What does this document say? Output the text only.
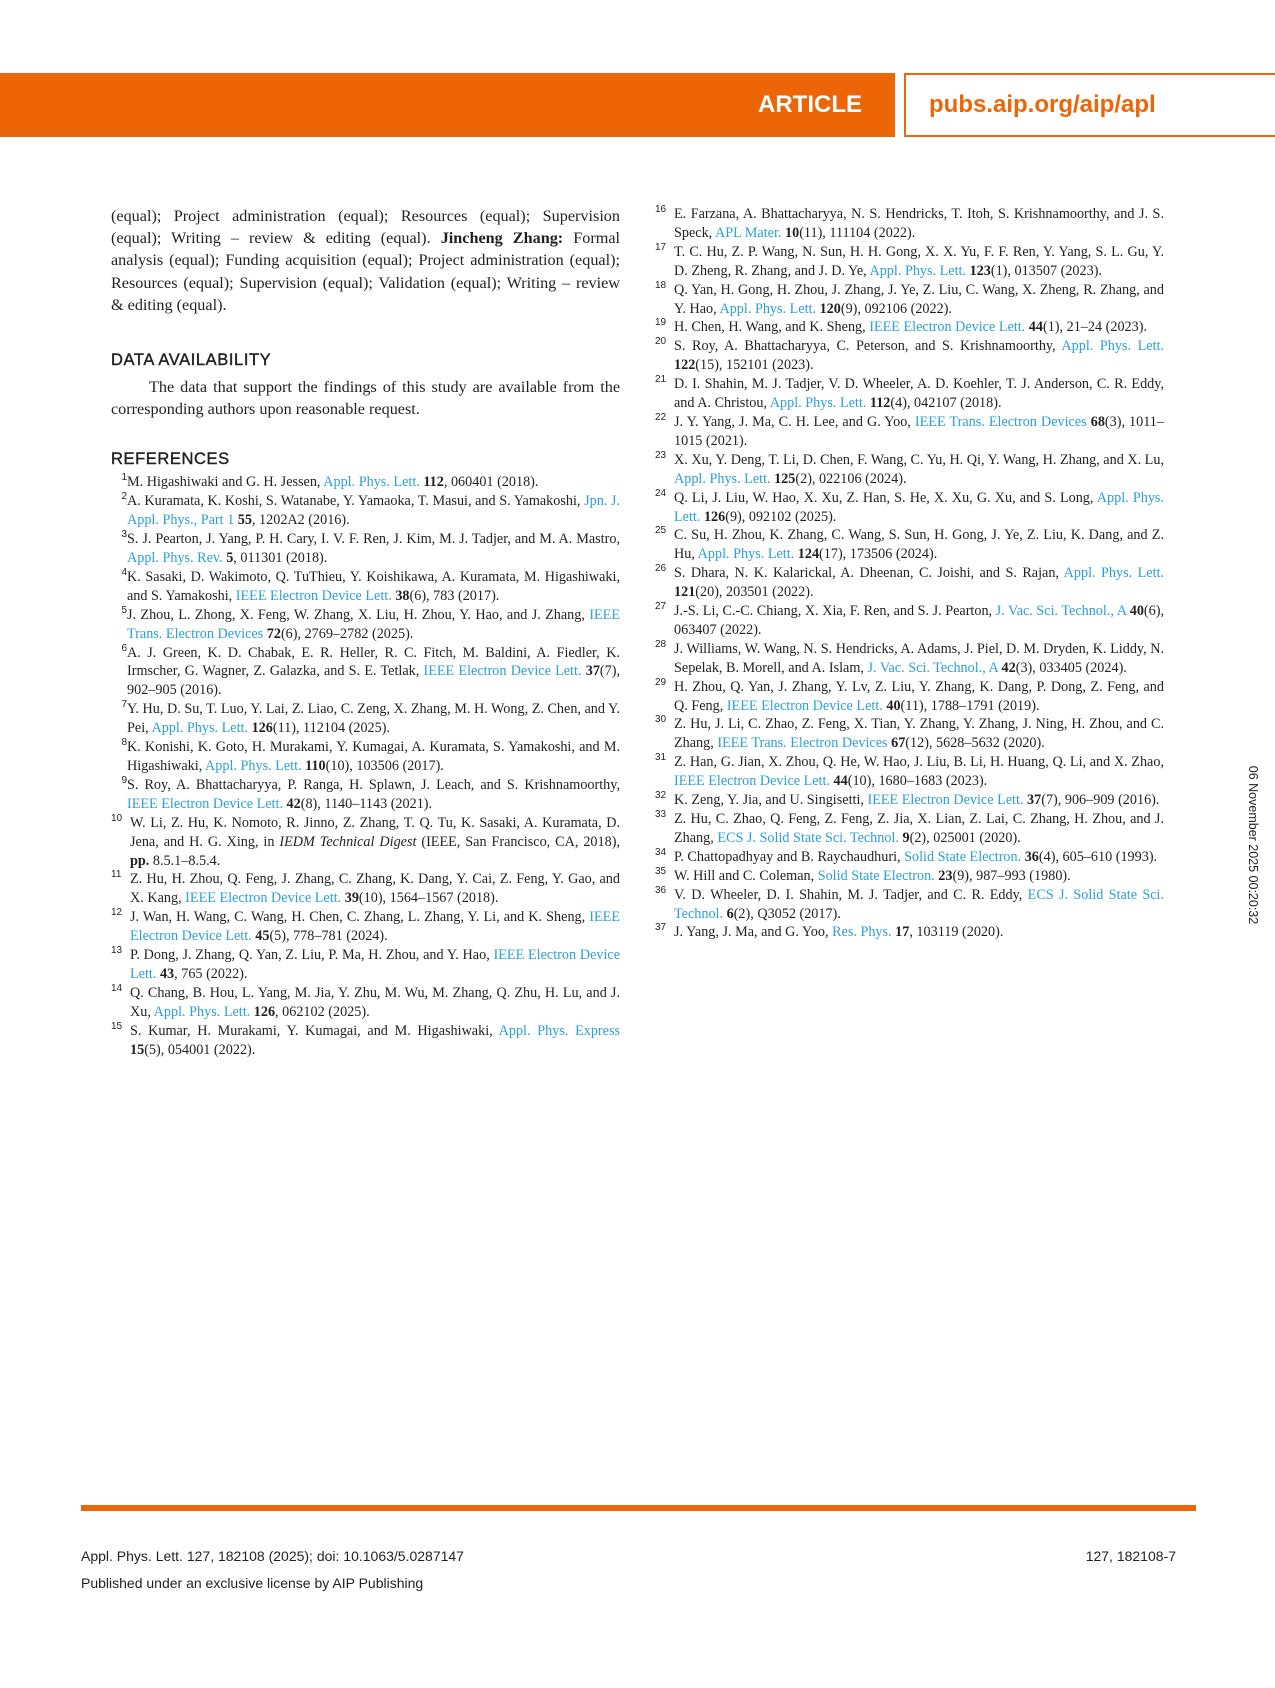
ARTICLE	pubs.aip.org/aip/apl

(equal); Project administration (equal); Resources (equal); Supervision (equal); Writing – review & editing (equal). Jincheng Zhang: Formal analysis (equal); Funding acquisition (equal); Project administration (equal); Resources (equal); Supervision (equal); Validation (equal); Writing – review & editing (equal).

DATA AVAILABILITY

The data that support the findings of this study are available from the corresponding authors upon reasonable request.

REFERENCES
1 M. Higashiwaki and G. H. Jessen, Appl. Phys. Lett. 112, 060401 (2018).
2 A. Kuramata, K. Koshi, S. Watanabe, Y. Yamaoka, T. Masui, and S. Yamakoshi, Jpn. J. Appl. Phys., Part 1 55, 1202A2 (2016).
3 S. J. Pearton, J. Yang, P. H. Cary, I. V. F. Ren, J. Kim, M. J. Tadjer, and M. A. Mastro, Appl. Phys. Rev. 5, 011301 (2018).
4 K. Sasaki, D. Wakimoto, Q. TuThieu, Y. Koishikawa, A. Kuramata, M. Higashiwaki, and S. Yamakoshi, IEEE Electron Device Lett. 38(6), 783 (2017).
5 J. Zhou, L. Zhong, X. Feng, W. Zhang, X. Liu, H. Zhou, Y. Hao, and J. Zhang, IEEE Trans. Electron Devices 72(6), 2769–2782 (2025).
6 A. J. Green, K. D. Chabak, E. R. Heller, R. C. Fitch, M. Baldini, A. Fiedler, K. Irmscher, G. Wagner, Z. Galazka, and S. E. Tetlak, IEEE Electron Device Lett. 37(7), 902–905 (2016).
7 Y. Hu, D. Su, T. Luo, Y. Lai, Z. Liao, C. Zeng, X. Zhang, M. H. Wong, Z. Chen, and Y. Pei, Appl. Phys. Lett. 126(11), 112104 (2025).
8 K. Konishi, K. Goto, H. Murakami, Y. Kumagai, A. Kuramata, S. Yamakoshi, and M. Higashiwaki, Appl. Phys. Lett. 110(10), 103506 (2017).
9 S. Roy, A. Bhattacharyya, P. Ranga, H. Splawn, J. Leach, and S. Krishnamoorthy, IEEE Electron Device Lett. 42(8), 1140–1143 (2021).
10 W. Li, Z. Hu, K. Nomoto, R. Jinno, Z. Zhang, T. Q. Tu, K. Sasaki, A. Kuramata, D. Jena, and H. G. Xing, in IEDM Technical Digest (IEEE, San Francisco, CA, 2018), pp. 8.5.1–8.5.4.
11 Z. Hu, H. Zhou, Q. Feng, J. Zhang, C. Zhang, K. Dang, Y. Cai, Z. Feng, Y. Gao, and X. Kang, IEEE Electron Device Lett. 39(10), 1564–1567 (2018).
12 J. Wan, H. Wang, C. Wang, H. Chen, C. Zhang, L. Zhang, Y. Li, and K. Sheng, IEEE Electron Device Lett. 45(5), 778–781 (2024).
13 P. Dong, J. Zhang, Q. Yan, Z. Liu, P. Ma, H. Zhou, and Y. Hao, IEEE Electron Device Lett. 43, 765 (2022).
14 Q. Chang, B. Hou, L. Yang, M. Jia, Y. Zhu, M. Wu, M. Zhang, Q. Zhu, H. Lu, and J. Xu, Appl. Phys. Lett. 126, 062102 (2025).
15 S. Kumar, H. Murakami, Y. Kumagai, and M. Higashiwaki, Appl. Phys. Express 15(5), 054001 (2022).
16 E. Farzana, A. Bhattacharyya, N. S. Hendricks, T. Itoh, S. Krishnamoorthy, and J. S. Speck, APL Mater. 10(11), 111104 (2022).
17 T. C. Hu, Z. P. Wang, N. Sun, H. H. Gong, X. X. Yu, F. F. Ren, Y. Yang, S. L. Gu, Y. D. Zheng, R. Zhang, and J. D. Ye, Appl. Phys. Lett. 123(1), 013507 (2023).
18 Q. Yan, H. Gong, H. Zhou, J. Zhang, J. Ye, Z. Liu, C. Wang, X. Zheng, R. Zhang, and Y. Hao, Appl. Phys. Lett. 120(9), 092106 (2022).
19 H. Chen, H. Wang, and K. Sheng, IEEE Electron Device Lett. 44(1), 21–24 (2023).
20 S. Roy, A. Bhattacharyya, C. Peterson, and S. Krishnamoorthy, Appl. Phys. Lett. 122(15), 152101 (2023).
21 D. I. Shahin, M. J. Tadjer, V. D. Wheeler, A. D. Koehler, T. J. Anderson, C. R. Eddy, and A. Christou, Appl. Phys. Lett. 112(4), 042107 (2018).
22 J. Y. Yang, J. Ma, C. H. Lee, and G. Yoo, IEEE Trans. Electron Devices 68(3), 1011–1015 (2021).
23 X. Xu, Y. Deng, T. Li, D. Chen, F. Wang, C. Yu, H. Qi, Y. Wang, H. Zhang, and X. Lu, Appl. Phys. Lett. 125(2), 022106 (2024).
24 Q. Li, J. Liu, W. Hao, X. Xu, Z. Han, S. He, X. Xu, G. Xu, and S. Long, Appl. Phys. Lett. 126(9), 092102 (2025).
25 C. Su, H. Zhou, K. Zhang, C. Wang, S. Sun, H. Gong, J. Ye, Z. Liu, K. Dang, and Z. Hu, Appl. Phys. Lett. 124(17), 173506 (2024).
26 S. Dhara, N. K. Kalarickal, A. Dheenan, C. Joishi, and S. Rajan, Appl. Phys. Lett. 121(20), 203501 (2022).
27 J.-S. Li, C.-C. Chiang, X. Xia, F. Ren, and S. J. Pearton, J. Vac. Sci. Technol., A 40(6), 063407 (2022).
28 J. Williams, W. Wang, N. S. Hendricks, A. Adams, J. Piel, D. M. Dryden, K. Liddy, N. Sepelak, B. Morell, and A. Islam, J. Vac. Sci. Technol., A 42(3), 033405 (2024).
29 H. Zhou, Q. Yan, J. Zhang, Y. Lv, Z. Liu, Y. Zhang, K. Dang, P. Dong, Z. Feng, and Q. Feng, IEEE Electron Device Lett. 40(11), 1788–1791 (2019).
30 Z. Hu, J. Li, C. Zhao, Z. Feng, X. Tian, Y. Zhang, Y. Zhang, J. Ning, H. Zhou, and C. Zhang, IEEE Trans. Electron Devices 67(12), 5628–5632 (2020).
31 Z. Han, G. Jian, X. Zhou, Q. He, W. Hao, J. Liu, B. Li, H. Huang, Q. Li, and X. Zhao, IEEE Electron Device Lett. 44(10), 1680–1683 (2023).
32 K. Zeng, Y. Jia, and U. Singisetti, IEEE Electron Device Lett. 37(7), 906–909 (2016).
33 Z. Hu, C. Zhao, Q. Feng, Z. Feng, Z. Jia, X. Lian, Z. Lai, C. Zhang, H. Zhou, and J. Zhang, ECS J. Solid State Sci. Technol. 9(2), 025001 (2020).
34 P. Chattopadhyay and B. Raychaudhuri, Solid State Electron. 36(4), 605–610 (1993).
35 W. Hill and C. Coleman, Solid State Electron. 23(9), 987–993 (1980).
36 V. D. Wheeler, D. I. Shahin, M. J. Tadjer, and C. R. Eddy, ECS J. Solid State Sci. Technol. 6(2), Q3052 (2017).
37 J. Yang, J. Ma, and G. Yoo, Res. Phys. 17, 103119 (2020).
06 November 2025 00:20:32
Appl. Phys. Lett. 127, 182108 (2025); doi: 10.1063/5.0287147
Published under an exclusive license by AIP Publishing
127, 182108-7
